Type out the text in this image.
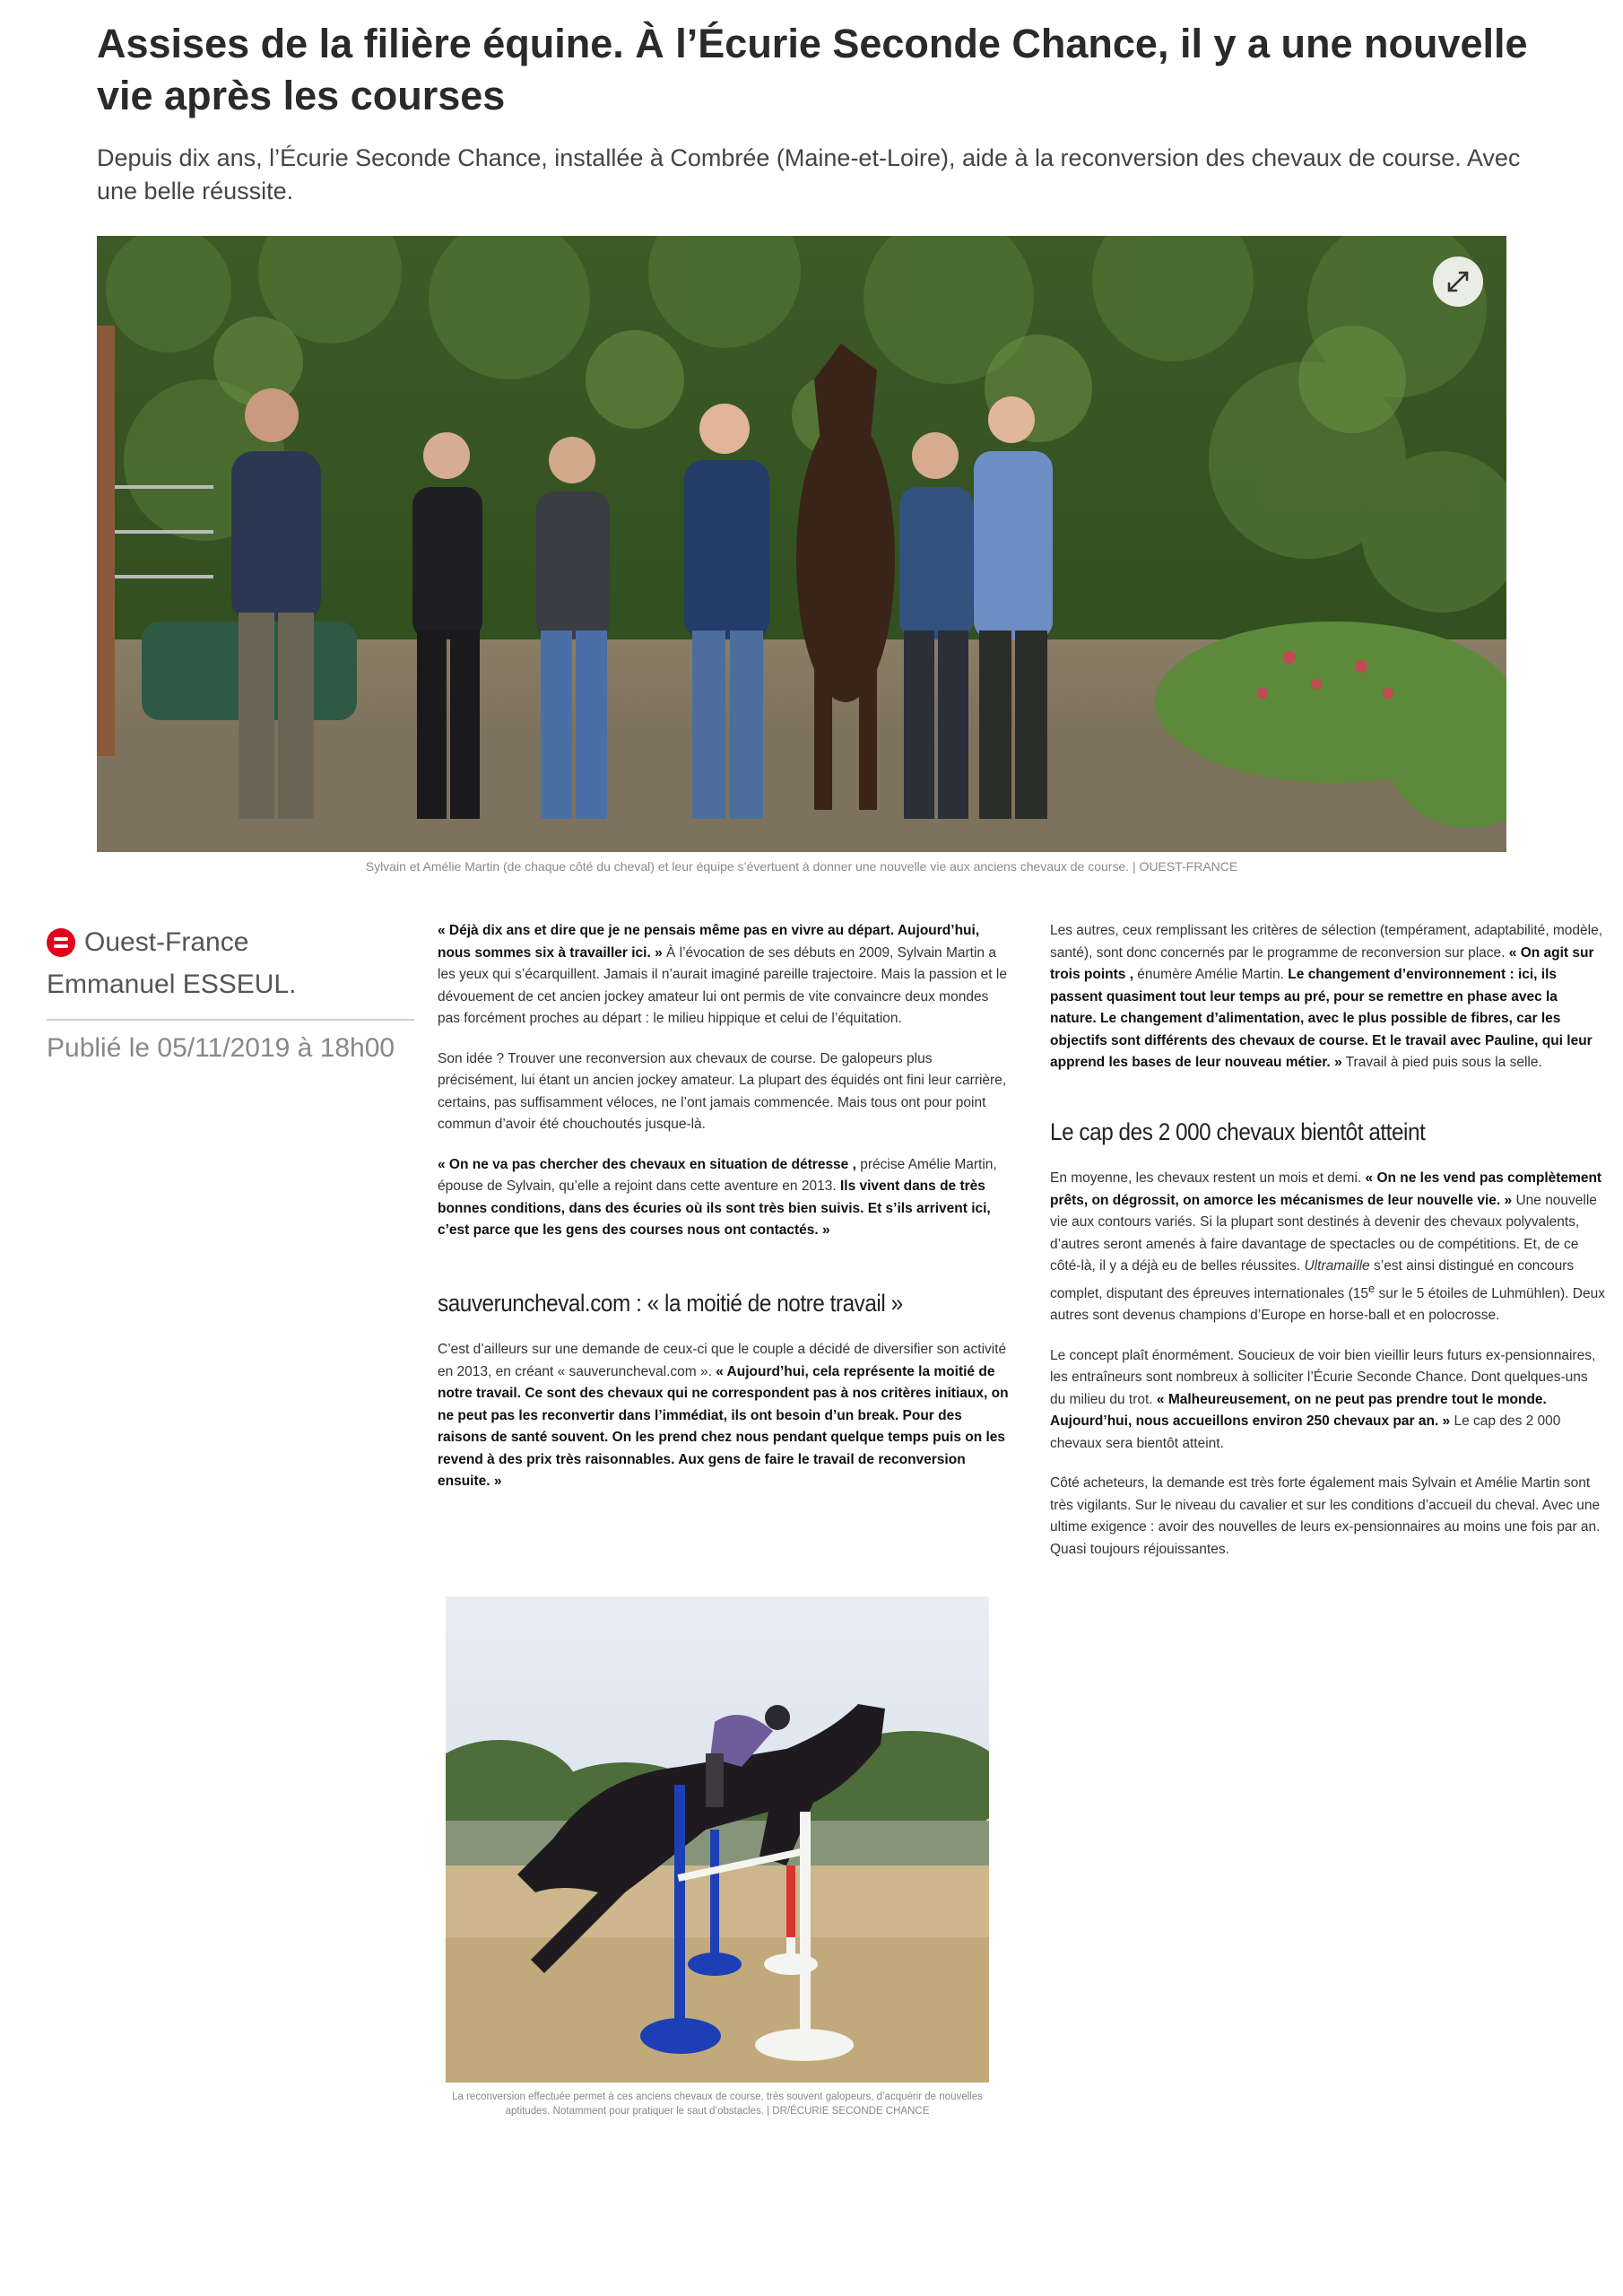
Assises de la filière équine. À l’Écurie Seconde Chance, il y a une nouvelle vie après les courses

Depuis dix ans, l’Écurie Seconde Chance, installée à Combrée (Maine-et-Loire), aide à la reconversion des chevaux de course. Avec une belle réussite.

Sylvain et Amélie Martin (de chaque côté du cheval) et leur équipe s’évertuent à donner une nouvelle vie aux anciens chevaux de course. | OUEST-FRANCE
Ouest-France
Emmanuel ESSEUL.
Publié le 05/11/2019 à 18h00

« Déjà dix ans et dire que je ne pensais même pas en vivre au départ. Aujourd’hui, nous sommes six à travailler ici. » À l’évocation de ses débuts en 2009, Sylvain Martin a les yeux qui s’écarquillent. Jamais il n’aurait imaginé pareille trajectoire. Mais la passion et le dévouement de cet ancien jockey amateur lui ont permis de vite convaincre deux mondes pas forcément proches au départ : le milieu hippique et celui de l’équitation.

Son idée ? Trouver une reconversion aux chevaux de course. De galopeurs plus précisément, lui étant un ancien jockey amateur. La plupart des équidés ont fini leur carrière, certains, pas suffisamment véloces, ne l’ont jamais commencée. Mais tous ont pour point commun d’avoir été chouchoutés jusque-là.

« On ne va pas chercher des chevaux en situation de détresse , précise Amélie Martin, épouse de Sylvain, qu’elle a rejoint dans cette aventure en 2013. Ils vivent dans de très bonnes conditions, dans des écuries où ils sont très bien suivis. Et s’ils arrivent ici, c’est parce que les gens des courses nous ont contactés. »

sauveruncheval.com : « la moitié de notre travail »

C’est d’ailleurs sur une demande de ceux-ci que le couple a décidé de diversifier son activité en 2013, en créant « sauveruncheval.com ». « Aujourd’hui, cela représente la moitié de notre travail. Ce sont des chevaux qui ne correspondent pas à nos critères initiaux, on ne peut pas les reconvertir dans l’immédiat, ils ont besoin d’un break. Pour des raisons de santé souvent. On les prend chez nous pendant quelque temps puis on les revend à des prix très raisonnables. Aux gens de faire le travail de reconversion ensuite. »

La reconversion effectuée permet à ces anciens chevaux de course, très souvent galopeurs, d’acquérir de nouvelles aptitudes. Notamment pour pratiquer le saut d’obstacles. | DR/ÉCURIE SECONDE CHANCE

Les autres, ceux remplissant les critères de sélection (tempérament, adaptabilité, modèle, santé), sont donc concernés par le programme de reconversion sur place. « On agit sur trois points , énumère Amélie Martin. Le changement d’environnement : ici, ils passent quasiment tout leur temps au pré, pour se remettre en phase avec la nature. Le changement d’alimentation, avec le plus possible de fibres, car les objectifs sont différents des chevaux de course. Et le travail avec Pauline, qui leur apprend les bases de leur nouveau métier. » Travail à pied puis sous la selle.

Le cap des 2 000 chevaux bientôt atteint

En moyenne, les chevaux restent un mois et demi. « On ne les vend pas complètement prêts, on dégrossit, on amorce les mécanismes de leur nouvelle vie. » Une nouvelle vie aux contours variés. Si la plupart sont destinés à devenir des chevaux polyvalents, d’autres seront amenés à faire davantage de spectacles ou de compétitions. Et, de ce côté-là, il y a déjà eu de belles réussites. Ultramaille s’est ainsi distingué en concours complet, disputant des épreuves internationales (15e sur le 5 étoiles de Luhmühlen). Deux autres sont devenus champions d’Europe en horse-ball et en polocrosse.

Le concept plaît énormément. Soucieux de voir bien vieillir leurs futurs ex-pensionnaires, les entraîneurs sont nombreux à solliciter l’Écurie Seconde Chance. Dont quelques-uns du milieu du trot. « Malheureusement, on ne peut pas prendre tout le monde. Aujourd’hui, nous accueillons environ 250 chevaux par an. » Le cap des 2 000 chevaux sera bientôt atteint.

Côté acheteurs, la demande est très forte également mais Sylvain et Amélie Martin sont très vigilants. Sur le niveau du cavalier et sur les conditions d’accueil du cheval. Avec une ultime exigence : avoir des nouvelles de leurs ex-pensionnaires au moins une fois par an. Quasi toujours réjouissantes.
